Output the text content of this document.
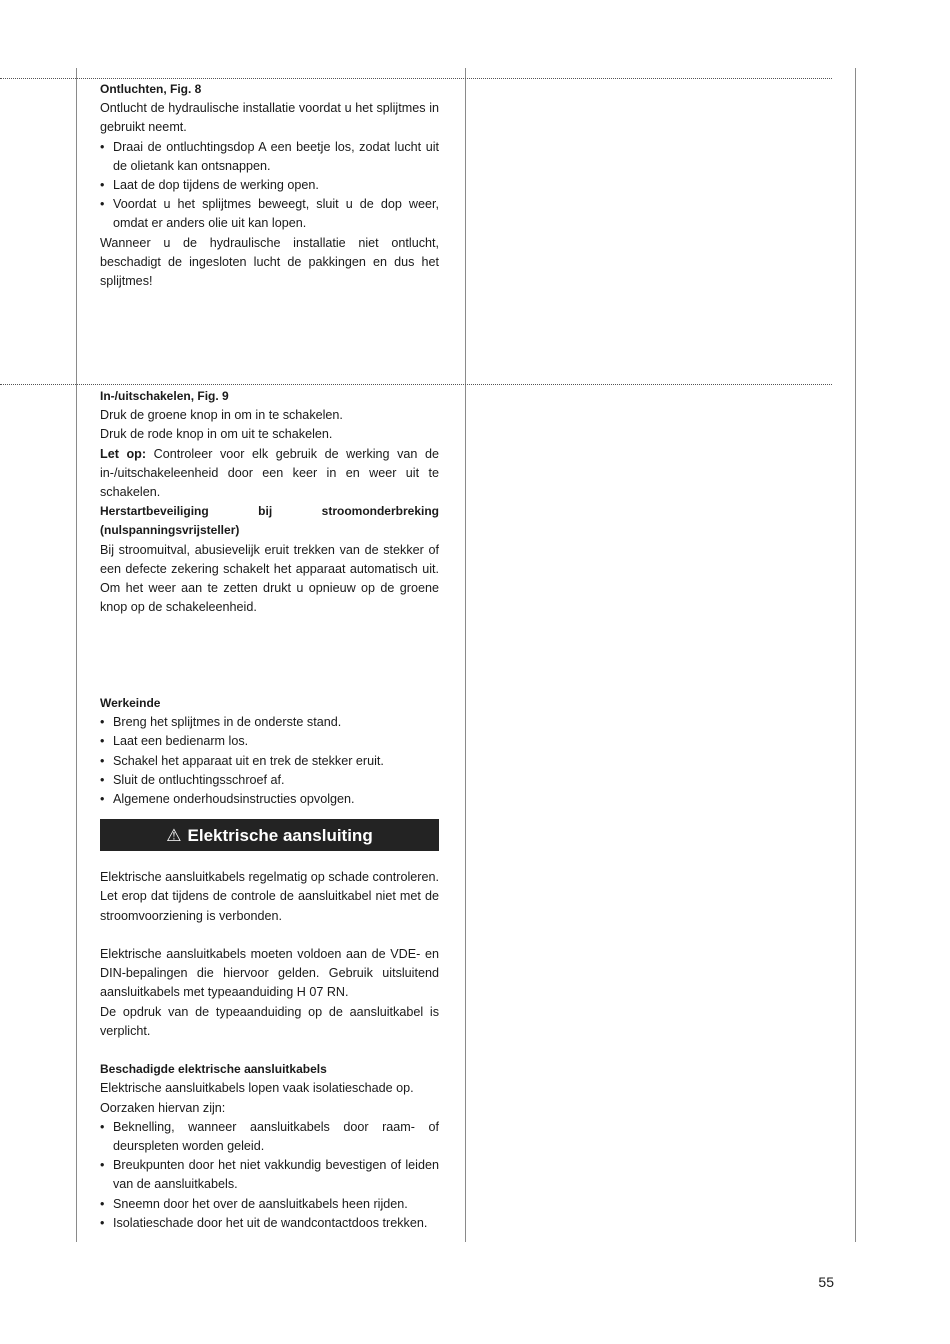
Ontluchten, Fig. 8

Ontlucht de hydraulische installatie voordat u het splijtmes in gebruikt neemt.

• Draai de ontluchtingsdop A een beetje los, zodat lucht uit de olietank kan ontsnappen.
• Laat de dop tijdens de werking open.
• Voordat u het splijtmes beweegt, sluit u de dop weer, omdat er anders olie uit kan lopen.

Wanneer u de hydraulische installatie niet ontlucht, beschadigt de ingesloten lucht de pakkingen en dus het splijtmes!

In-/uitschakelen, Fig. 9

Druk de groene knop in om in te schakelen.

Druk de rode knop in om uit te schakelen.

Let op: Controleer voor elk gebruik de werking van de in-/uitschakeleenheid door een keer in en weer uit te schakelen.

Herstartbeveiliging bij stroomonderbreking (nulspanningsvrijsteller)

Bij stroomuitval, abusievelijk eruit trekken van de stekker of een defecte zekering schakelt het apparaat automatisch uit. Om het weer aan te zetten drukt u opnieuw op de groene knop op de schakeleenheid.

Werkeinde

• Breng het splijtmes in de onderste stand.
• Laat een bedienarm los.
• Schakel het apparaat uit en trek de stekker eruit.
• Sluit de ontluchtingsschroef af.
• Algemene onderhoudsinstructies opvolgen.
⚠ Elektrische aansluiting

Elektrische aansluitkabels regelmatig op schade controleren. Let erop dat tijdens de controle de aansluitkabel niet met de stroomvoorziening is verbonden.

Elektrische aansluitkabels moeten voldoen aan de VDE- en DIN-bepalingen die hiervoor gelden. Gebruik uitsluitend aansluitkabels met typeaanduiding H 07 RN.

De opdruk van de typeaanduiding op de aansluitkabel is verplicht.

Beschadigde elektrische aansluitkabels

Elektrische aansluitkabels lopen vaak isolatieschade op.

Oorzaken hiervan zijn:

• Beknelling, wanneer aansluitkabels door raam- of deurspleten worden geleid.
• Breukpunten door het niet vakkundig bevestigen of leiden van de aansluitkabels.
• Sneemn door het over de aansluitkabels heen rijden.
• Isolatieschade door het uit de wandcontactdoos trekken.
55
